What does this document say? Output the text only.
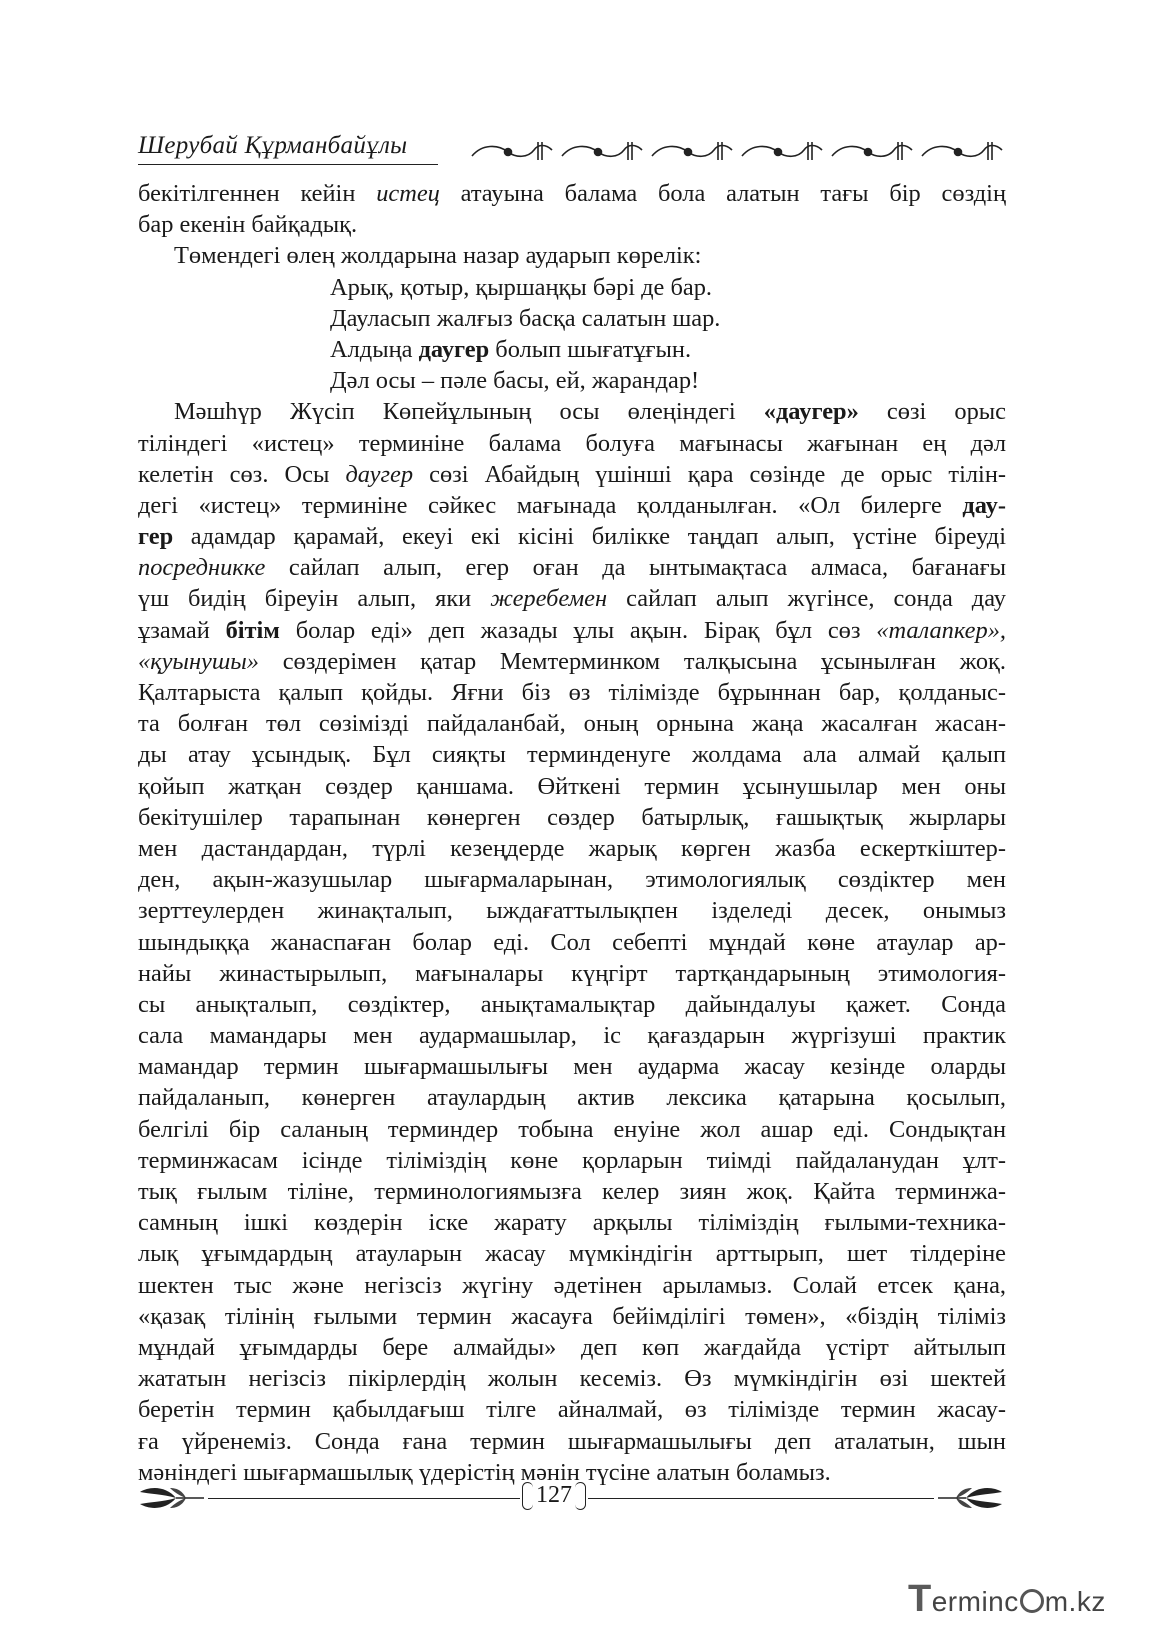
Шерубай Құрманбайұлы
бекітілгеннен кейін истец атауына балама бола алатын тағы бір сөздің
бар екенін байқадық.
Төмендегі өлең жолдарына назар аударып көрелік:
Арық, қотыр, қыршаңқы бәрі де бар.
Дауласып жалғыз басқа салатын шар.
Алдыңа даугер болып шығатұғын.
Дәл осы – пәле басы, ей, жарандар!
Мәшһүр Жүсіп Көпейұлының осы өлеңіндегі «даугер» сөзі орыс
тіліндегі «истец» терминіне балама болуға мағынасы жағынан ең дәл
келетін сөз. Осы даугер сөзі Абайдың үшінші қара сөзінде де орыс тілін-
дегі «истец» терминіне сәйкес мағынада қолданылған. «Ол билерге дау-
гер адамдар қарамай, екеуі екі кісіні билікке таңдап алып, үстіне біреуді
посредникке сайлап алып, егер оған да ынтымақтаса алмаса, бағанағы
үш бидің біреуін алып, яки жеребемен сайлап алып жүгінсе, сонда дау
ұзамай бітім болар еді» деп жазады ұлы ақын. Бірақ бұл сөз «талапкер»,
«қуынушы» сөздерімен қатар Мемтерминком талқысына ұсынылған жоқ.
Қалтарыста қалып қойды. Яғни біз өз тілімізде бұрыннан бар, қолданыс-
та болған төл сөзімізді пайдаланбай, оның орнына жаңа жасалған жасан-
ды атау ұсындық. Бұл сияқты терминденуге жолдама ала алмай қалып
қойып жатқан сөздер қаншама. Өйткені термин ұсынушылар мен оны
бекітушілер тарапынан көнерген сөздер батырлық, ғашықтық жырлары
мен дастандардан, түрлі кезеңдерде жарық көрген жазба ескерткіштер-
ден, ақын-жазушылар шығармаларынан, этимологиялық сөздіктер мен
зерттеулерден жинақталып, ыждағаттылықпен ізделеді десек, онымыз
шындыққа жанаспаған болар еді. Сол себепті мұндай көне атаулар ар-
найы жинастырылып, мағыналары күңгірт тартқандарының этимология-
сы анықталып, сөздіктер, анықтамалықтар дайындалуы қажет. Сонда
сала мамандары мен аудармашылар, іс қағаздарын жүргізуші практик
мамандар термин шығармашылығы мен аударма жасау кезінде оларды
пайдаланып, көнерген атаулардың актив лексика қатарына қосылып,
белгілі бір саланың терминдер тобына енуіне жол ашар еді. Сондықтан
терминжасам ісінде тіліміздің көне қорларын тиімді пайдаланудан ұлт-
тық ғылым тіліне, терминологиямызға келер зиян жоқ. Қайта терминжа-
самның ішкі көздерін іске жарату арқылы тіліміздің ғылыми-техника-
лық ұғымдардың атауларын жасау мүмкіндігін арттырып, шет тілдеріне
шектен тыс және негізсіз жүгіну әдетінен арыламыз. Солай етсек қана,
«қазақ тілінің ғылыми термин жасауға бейімділігі төмен», «біздің тіліміз
мұндай ұғымдарды бере алмайды» деп көп жағдайда үстірт айтылып
жататын негізсіз пікірлердің жолын кесеміз. Өз мүмкіндігін өзі шектей
беретін термин қабылдағыш тілге айналмай, өз тілімізде термин жасау-
ға үйренеміз. Сонда ғана термин шығармашылығы деп аталатын, шын
мәніндегі шығармашылық үдерістің мәнін түсіне алатын боламыз.
127
Terminc m.kz
